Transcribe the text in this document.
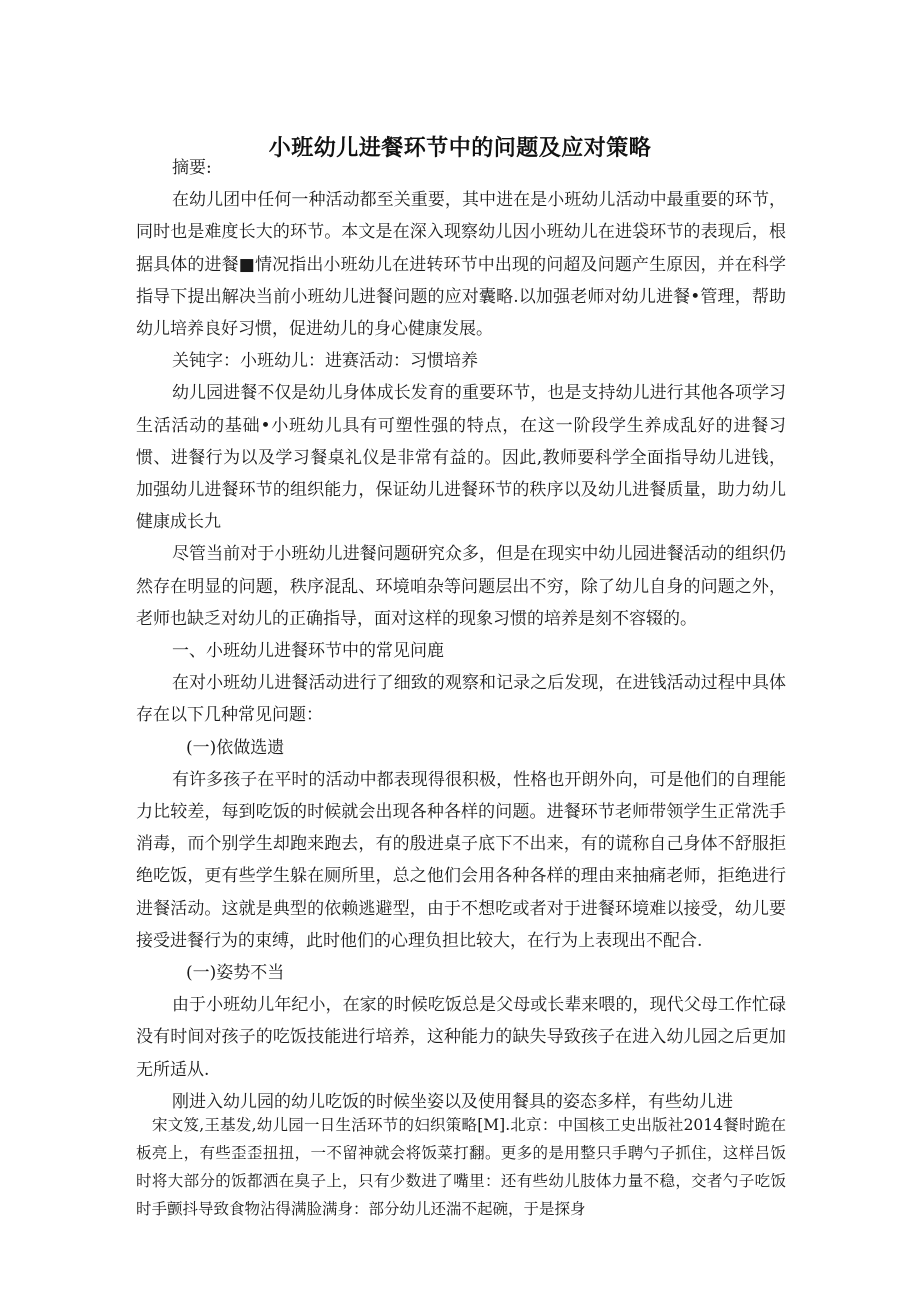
小班幼儿进餐环节中的问题及应对策略

摘要:

在幼儿团中任何一种活动都至关重要，其中进在是小班幼儿活动中最重要的环节，同时也是难度长大的环节。本文是在深入现察幼儿因小班幼儿在进袋环节的表现后，根据具体的进餐■情况指出小班幼儿在进转环节中出现的问超及问题产生原因，并在科学指导下提出解决当前小班幼儿进餐问题的应对囊略.以加强老师对幼儿进餐•管理，帮助幼儿培养良好习惯，促进幼儿的身心健康发展。

关钝字：小班幼儿：进赛活动：习惯培养

幼儿园进餐不仅是幼儿身体成长发育的重要环节，也是支持幼儿进行其他各项学习生活活动的基础•小班幼儿具有可塑性强的特点，在这一阶段学生养成乱好的进餐习惯、进餐行为以及学习餐桌礼仪是非常有益的。因此,教师要科学全面指导幼儿进钱，加强幼儿进餐环节的组织能力，保证幼儿进餐环节的秩序以及幼儿进餐质量，助力幼儿健康成长九

尽管当前对于小班幼儿进餐问题研究众多，但是在现实中幼儿园进餐活动的组织仍然存在明显的问题，秩序混乱、环境咱杂等问题层出不穷，除了幼儿自身的问题之外，老师也缺乏对幼儿的正确指导，面对这样的现象习惯的培养是刻不容辍的。

一、小班幼儿进餐环节中的常见问鹿

在对小班幼儿进餐活动进行了细致的观察和记录之后发现，在进钱活动过程中具体存在以下几种常见问题：

(一)依做选遗

有许多孩子在平时的活动中都表现得很积极，性格也开朗外向，可是他们的自理能力比较差，每到吃饭的时候就会出现各种各样的问题。进餐环节老师带领学生正常洗手消毒，而个别学生却跑来跑去，有的殷进桌子底下不出来，有的谎称自己身体不舒服拒绝吃饭，更有些学生躲在厕所里，总之他们会用各种各样的理由来抽痛老师，拒绝进行进餐活动。这就是典型的依赖逃避型，由于不想吃或者对于进餐环境难以接受，幼儿要接受进餐行为的束缚，此时他们的心理负担比较大，在行为上表现出不配合.

(一)姿势不当

由于小班幼儿年纪小，在家的时候吃饭总是父母或长辈来喂的，现代父母工作忙碌没有时间对孩子的吃饭技能进行培养，这种能力的缺失导致孩子在进入幼儿园之后更加无所适从.

刚进入幼儿园的幼儿吃饭的时候坐姿以及使用餐具的姿态多样，有些幼儿进

宋文笈,王基发,幼儿园一日生活环节的妇织策略[M].北京：中国核工史出版社2014餐时跪在板亮上，有些歪歪扭扭，一不留神就会将饭菜打翻。更多的是用整只手聘勺子抓住，这样吕饭时将大部分的饭都洒在臭子上，只有少数进了嘴里：还有些幼儿肢体力量不稳，交者勺子吃饭时手颤抖导致食物沾得满脸满身：部分幼儿还湍不起碗，于是探身
